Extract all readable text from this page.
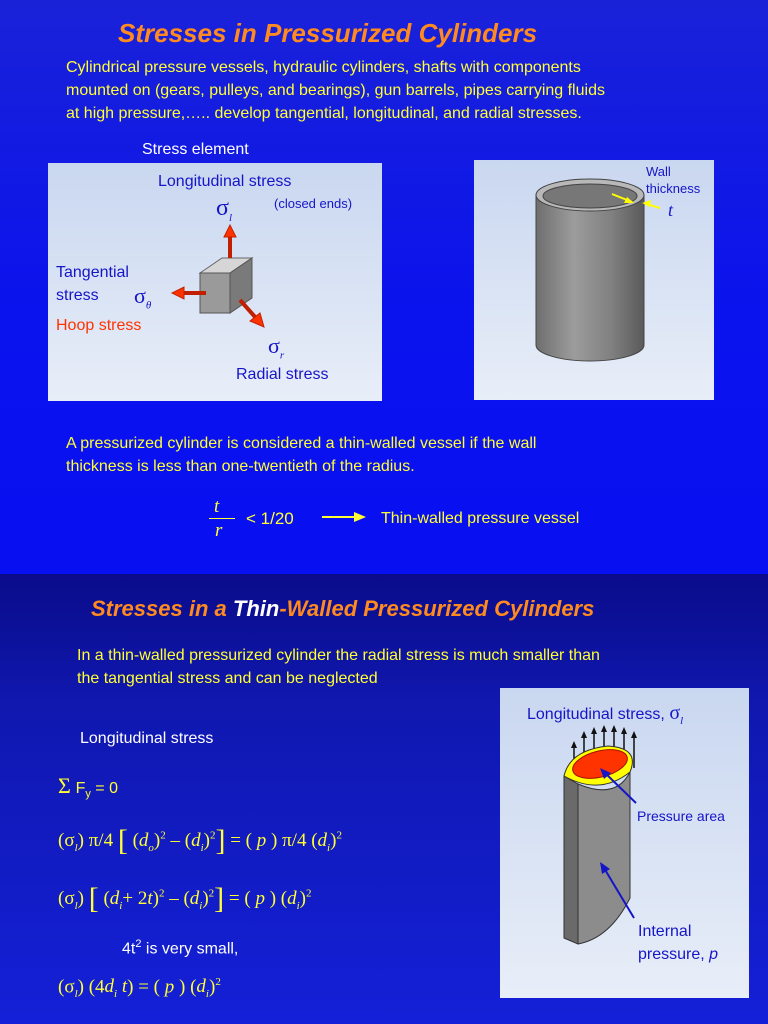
Stresses in Pressurized Cylinders
Cylindrical pressure vessels, hydraulic cylinders, shafts with components
mounted on (gears, pulleys, and bearings), gun barrels, pipes carrying fluids
at high pressure,….. develop tangential, longitudinal, and radial stresses.
Stress element
Longitudinal stress
$\sigma_l$
(closed ends)
Tangential
stress	$\sigma_\theta$
Hoop stress
$\sigma_r$
Radial stress
Wall
thickness
t
A pressurized cylinder is considered a thin-walled vessel if the wall
thickness is less than one-twentieth of the radius.
t
r
< 1/20	Thin-walled pressure vessel
Stresses in a Thin-Walled Pressurized Cylinders
In a thin-walled pressurized cylinder the radial stress is much smaller than
the tangential stress and can be neglected
Longitudinal stress
Σ $F_y = 0$
$(\sigma_l)$ π/4 [ $(d_o)^2 - (d_i)^2$] = ( p ) π/4 $(d_i)^2$
$(\sigma_l)$ [ $(d_i+ 2t)^2 - (d_i)^2$] = ( p ) $(d_i)^2$
$4t^2$ is very small,
$(\sigma_l)$ ($4d_i$ t) = ( p ) $(d_i)^2$
Longitudinal stress, $\sigma_l$
Pressure area
Internal
pressure, p
